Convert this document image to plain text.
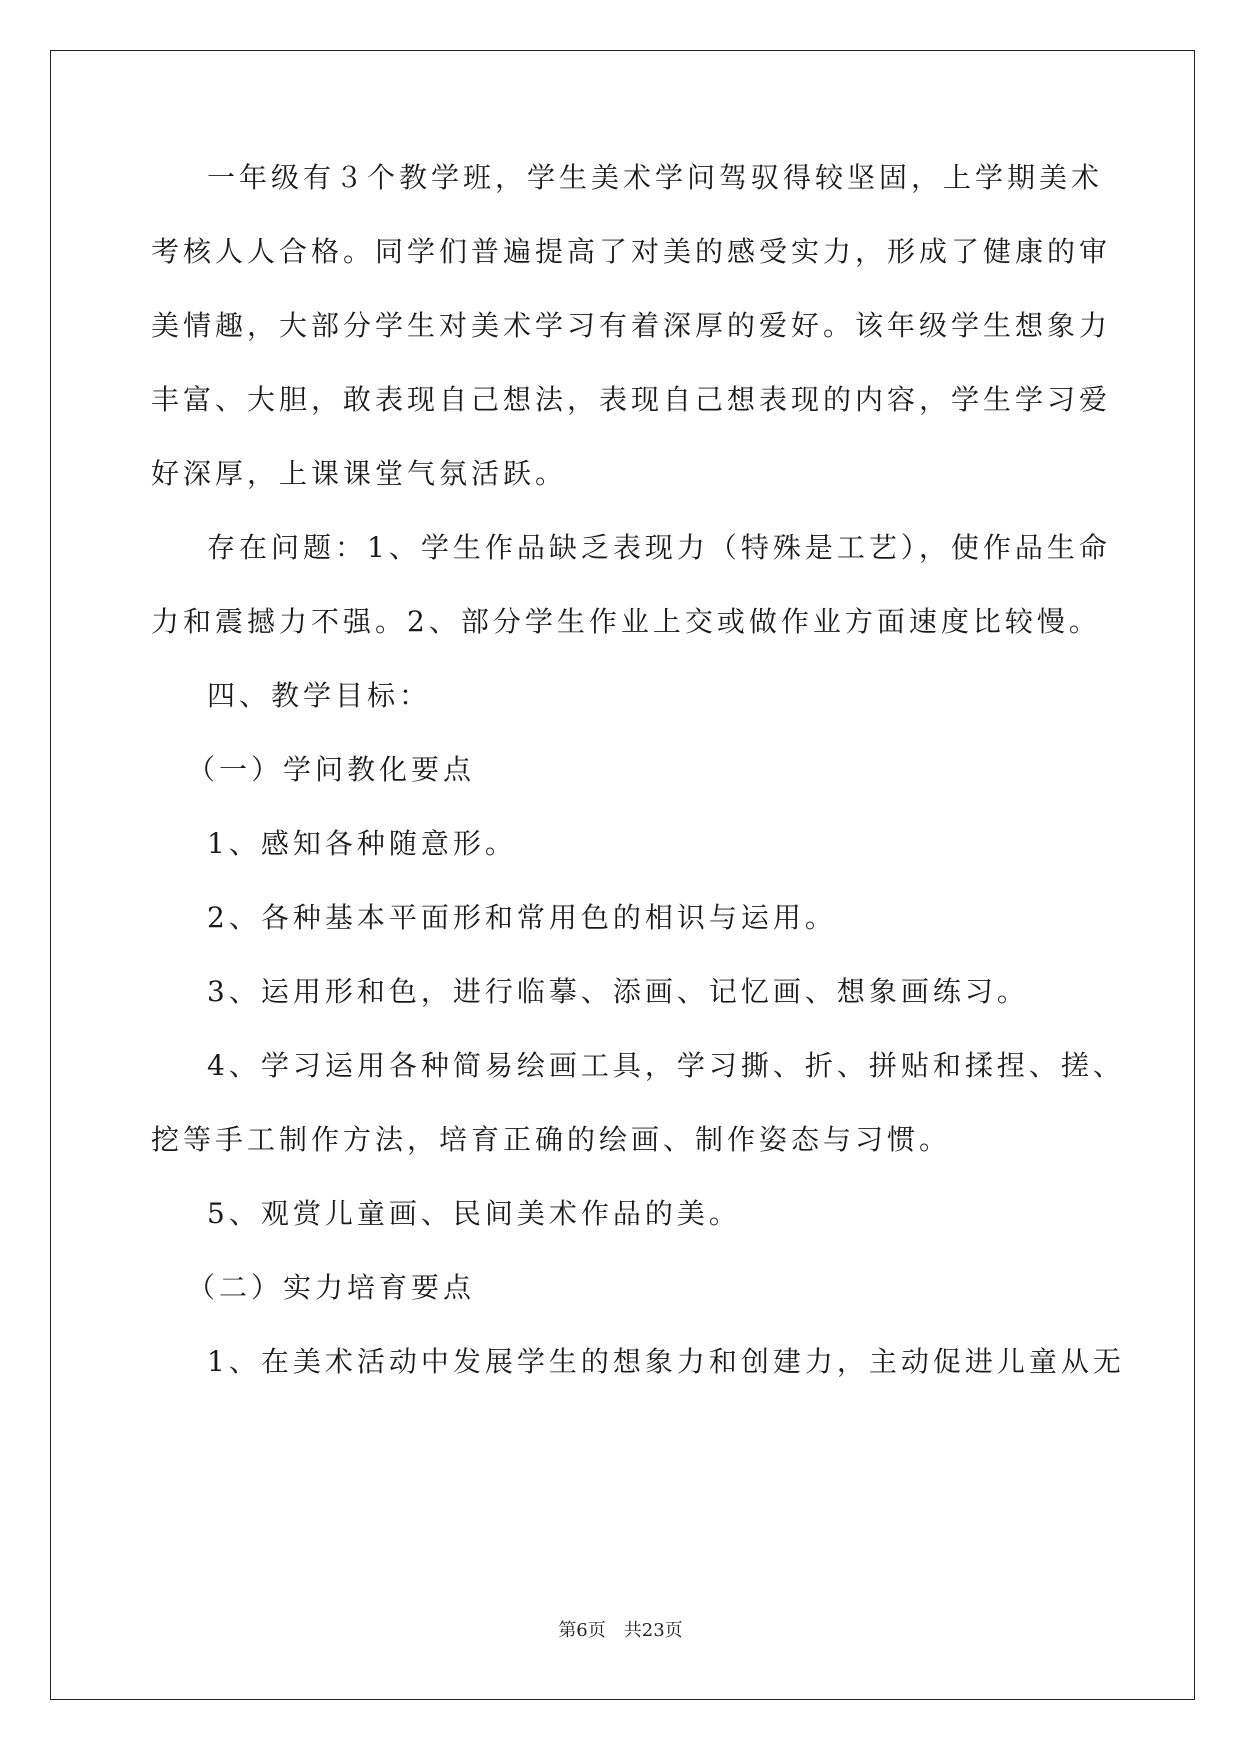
一年级有３个教学班，学生美术学问驾驭得较坚固，上学期美术
考核人人合格。同学们普遍提高了对美的感受实力，形成了健康的审
美情趣，大部分学生对美术学习有着深厚的爱好。该年级学生想象力
丰富、大胆，敢表现自己想法，表现自己想表现的内容，学生学习爱
好深厚，上课课堂气氛活跃。
存在问题：1、学生作品缺乏表现力（特殊是工艺），使作品生命
力和震撼力不强。2、部分学生作业上交或做作业方面速度比较慢。
四、教学目标：
（一）学问教化要点
1、感知各种随意形。
2、各种基本平面形和常用色的相识与运用。
3、运用形和色，进行临摹、添画、记忆画、想象画练习。
4、学习运用各种简易绘画工具，学习撕、折、拼贴和揉捏、搓、
挖等手工制作方法，培育正确的绘画、制作姿态与习惯。
5、观赏儿童画、民间美术作品的美。
（二）实力培育要点
1、在美术活动中发展学生的想象力和创建力，主动促进儿童从无
第6页　共23页
